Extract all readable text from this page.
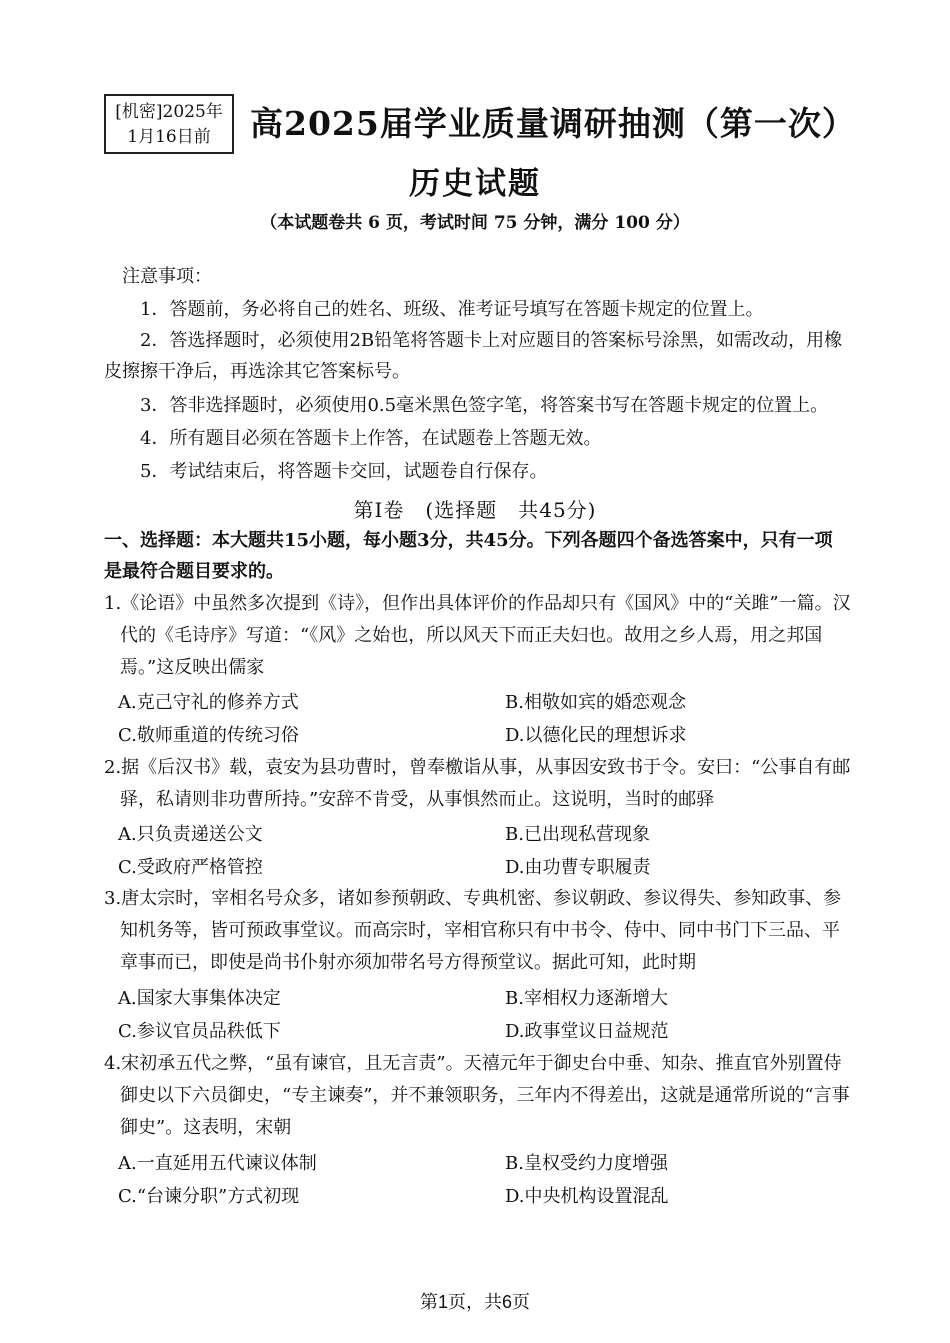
[机密]2025年
1月16日前	高2025届学业质量调研抽测（第一次）
历史试题
（本试题卷共 6 页，考试时间 75 分钟，满分 100 分）
注意事项：
1．答题前，务必将自己的姓名、班级、准考证号填写在答题卡规定的位置上。
2．答选择题时，必须使用2B铅笔将答题卡上对应题目的答案标号涂黑，如需改动，用橡皮擦擦干净后，再选涂其它答案标号。
3．答非选择题时，必须使用0.5毫米黑色签字笔，将答案书写在答题卡规定的位置上。
4．所有题目必须在答题卡上作答，在试题卷上答题无效。
5．考试结束后，将答题卡交回，试题卷自行保存。
第Ⅰ卷　(选择题　共45分)
一、选择题：本大题共15小题，每小题3分，共45分。下列各题四个备选答案中，只有一项是最符合题目要求的。
1.《论语》中虽然多次提到《诗》，但作出具体评价的作品却只有《国风》中的“关雎”一篇。汉代的《毛诗序》写道：“《风》之始也，所以风天下而正夫妇也。故用之乡人焉，用之邦国焉。”这反映出儒家
A.克己守礼的修养方式	B.相敬如宾的婚恋观念
C.敬师重道的传统习俗	D.以德化民的理想诉求
2.据《后汉书》载，袁安为县功曹时，曾奉檄诣从事，从事因安致书于令。安曰：“公事自有邮驿，私请则非功曹所持。”安辞不肯受，从事惧然而止。这说明，当时的邮驿
A.只负责递送公文	B.已出现私营现象
C.受政府严格管控	D.由功曹专职履责
3.唐太宗时，宰相名号众多，诸如参预朝政、专典机密、参议朝政、参议得失、参知政事、参知机务等，皆可预政事堂议。而高宗时，宰相官称只有中书令、侍中、同中书门下三品、平章事而已，即使是尚书仆射亦须加带名号方得预堂议。据此可知，此时期
A.国家大事集体决定	B.宰相权力逐渐增大
C.参议官员品秩低下	D.政事堂议日益规范
4.宋初承五代之弊，“虽有谏官，且无言责”。天禧元年于御史台中垂、知杂、推直官外别置侍御史以下六员御史，“专主谏奏”，并不兼领职务，三年内不得差出，这就是通常所说的“言事御史”。这表明，宋朝
A.一直延用五代谏议体制	B.皇权受约力度增强
C.“台谏分职”方式初现	D.中央机构设置混乱
第1页，共6页
